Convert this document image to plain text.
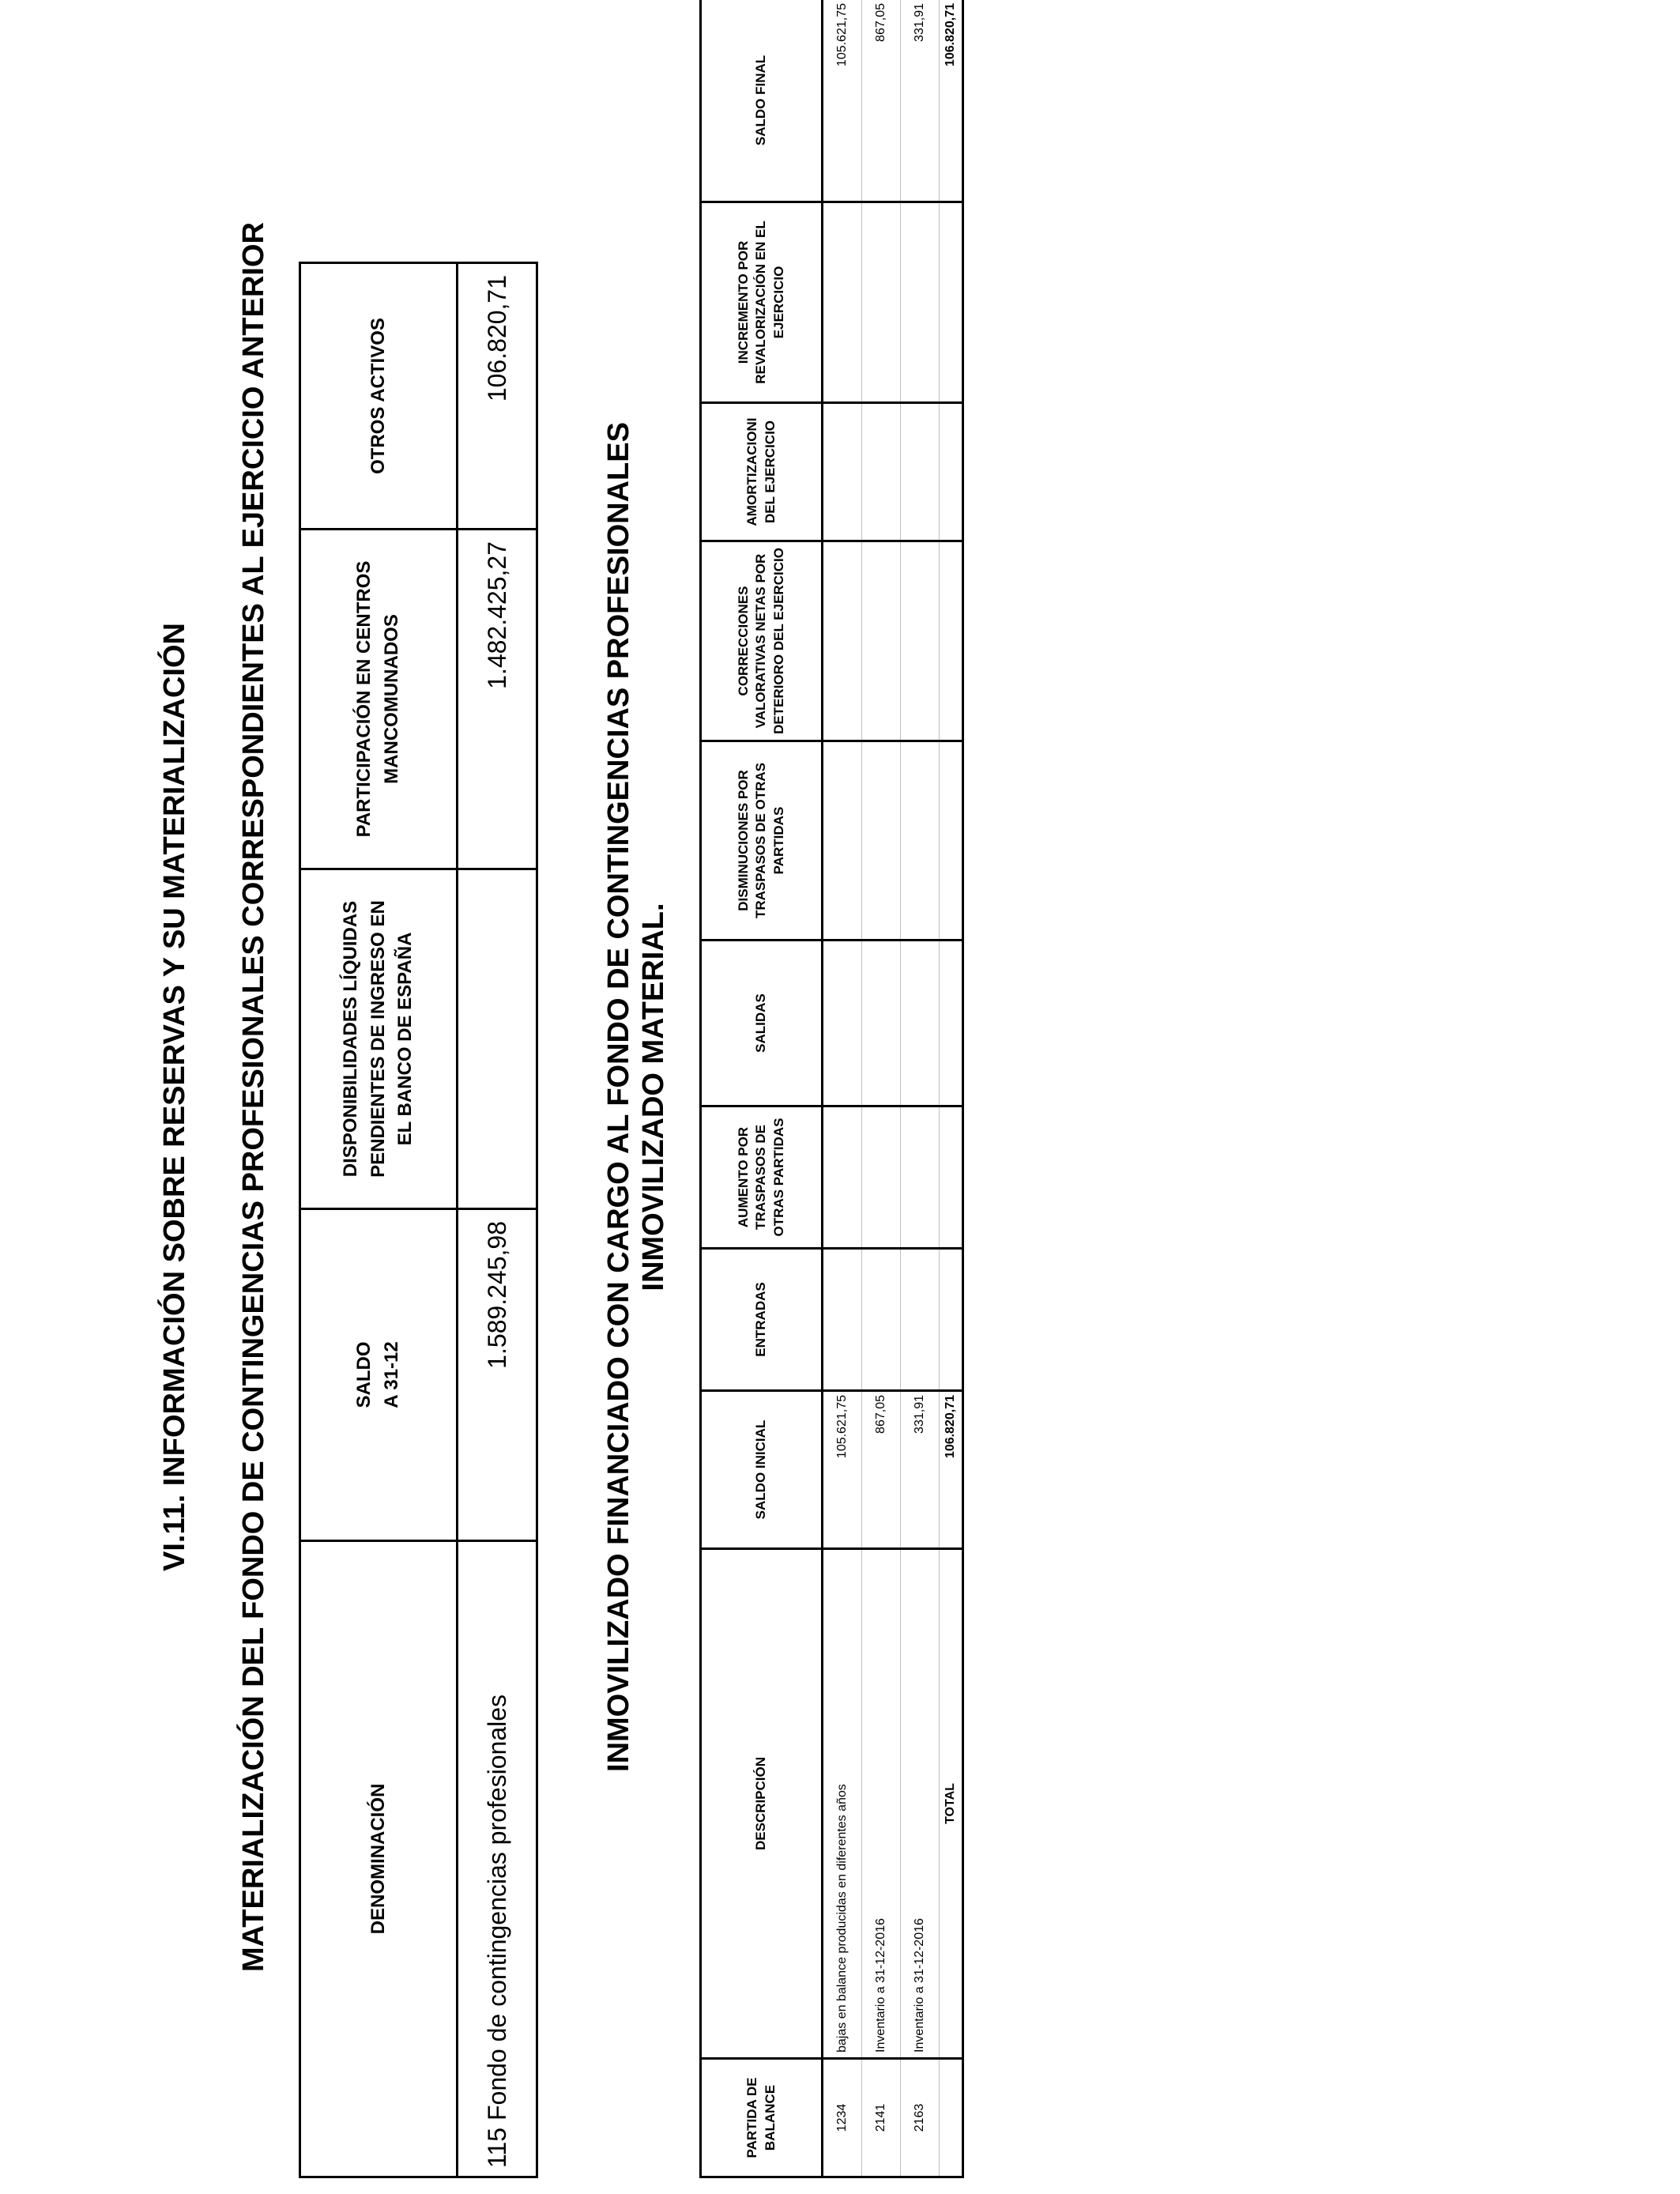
VI.11. INFORMACIÓN SOBRE RESERVAS Y SU MATERIALIZACIÓN MATERIALIZACIÓN DEL FONDO DE CONTINGENCIAS PROFESIONALES CORRESPONDIENTES AL EJERCICIO ANTERIOR	DENOMINACIÓN	SALDO A 31-12	DISPONIBILIDADES LÍQUIDAS PENDIENTES DE INGRESO EN EL BANCO DE ESPAÑA	PARTICIPACIÓN EN CENTROS MANCOMUNADOS	OTROS ACTIVOS
115Fondo de contingencias profesionales	1.589.245,98		1.482.425,27	106.820,71
INMOVILIZADO FINANCIADO CON CARGO AL FONDO DE CONTINGENCIAS PROFESIONALES INMOVILIZADO MATERIAL.
PARTIDA DE BALANCE	DESCRIPCIÓN	SALDO INICIAL	ENTRADAS	AUMENTO POR TRASPASOS DE OTRAS PARTIDAS	SALIDAS	DISMINUCIONES POR TRASPASOS DE OTRAS PARTIDAS	CORRECCIONES VALORATIVAS NETAS POR DETERIORO DEL EJERCICIO	AMORTIZACIONI DEL EJERCICIO	INCREMENTO POR REVALORIZACIÓN EN EL EJERCICIO	SALDO FINAL
1234	bajas en balance producidas en diferentes años	105.621,75								105.621,75
2141	Inventario a 31-12-2016	867,05								867,05
2163	Inventario a 31-12-2016	331,91								331,91
	TOTAL	106.820,71								106.820,71
